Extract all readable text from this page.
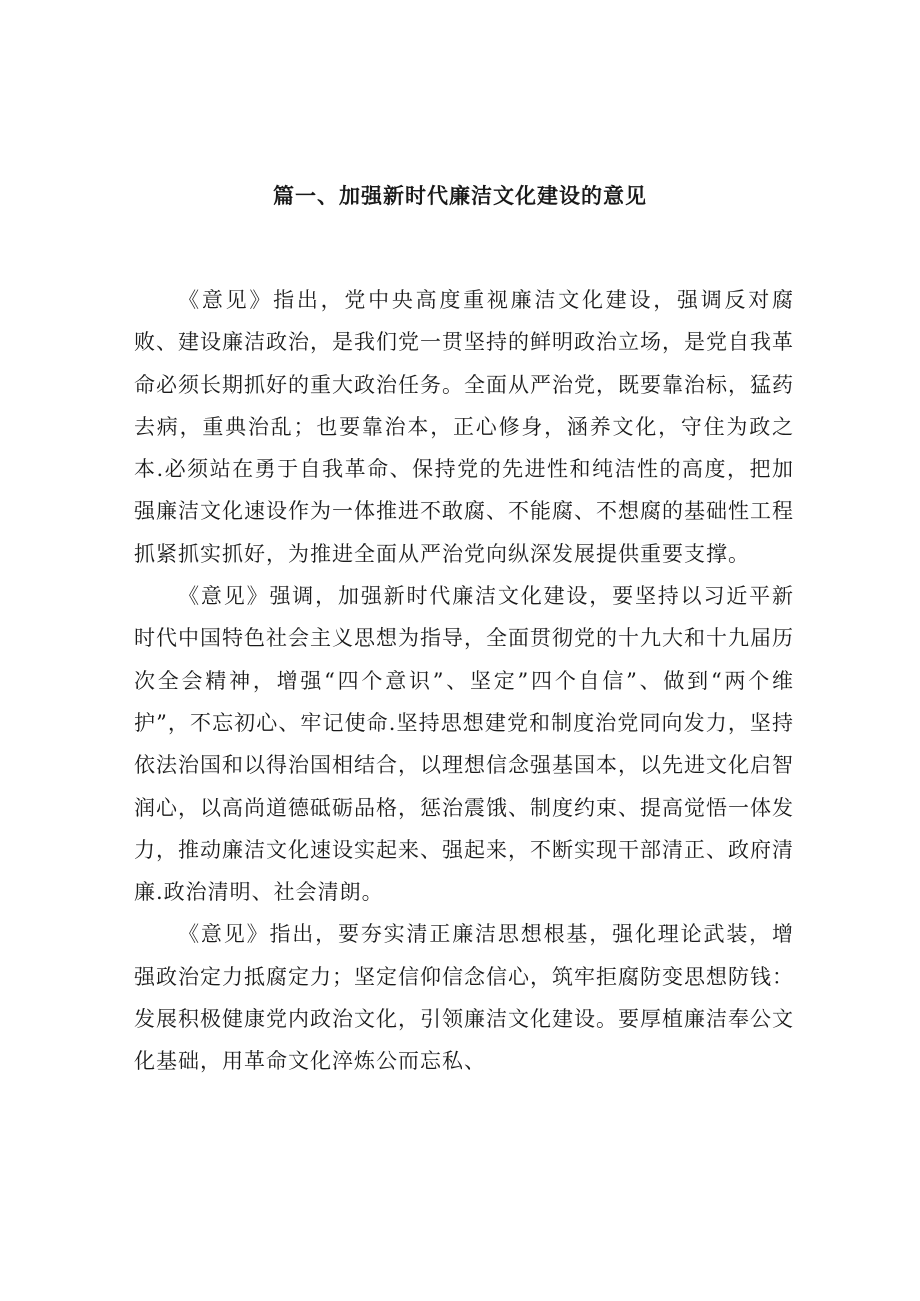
篇一、加强新时代廉洁文化建设的意见

《意见》指出，党中央高度重视廉洁文化建设，强调反对腐败、建设廉洁政治，是我们党一贯坚持的鲜明政治立场，是党自我革命必须长期抓好的重大政治任务。全面从严治党，既要靠治标，猛药去病，重典治乱；也要靠治本，正心修身，涵养文化，守住为政之本.必须站在勇于自我革命、保持党的先进性和纯洁性的高度，把加强廉洁文化速设作为一体推进不敢腐、不能腐、不想腐的基础性工程抓紧抓实抓好，为推进全面从严治党向纵深发展提供重要支撑。

《意见》强调，加强新时代廉洁文化建设，要坚持以习近平新时代中国特色社会主义思想为指导，全面贯彻党的十九大和十九届历次全会精神，增强“四个意识”、坚定”四个自信”、做到“两个维护”，不忘初心、牢记使命.坚持思想建党和制度治党同向发力，坚持依法治国和以得治国相结合，以理想信念强基国本，以先进文化启智润心，以高尚道德砥砺品格，惩治震饿、制度约束、提高觉悟一体发力，推动廉洁文化速设实起来、强起来，不断实现干部清正、政府清廉.政治清明、社会清朗。

《意见》指出，要夯实清正廉洁思想根基，强化理论武装，增强政治定力抵腐定力；坚定信仰信念信心，筑牢拒腐防变思想防钱：发展积极健康党内政治文化，引领廉洁文化建设。要厚植廉洁奉公文化基础，用革命文化淬炼公而忘私、
